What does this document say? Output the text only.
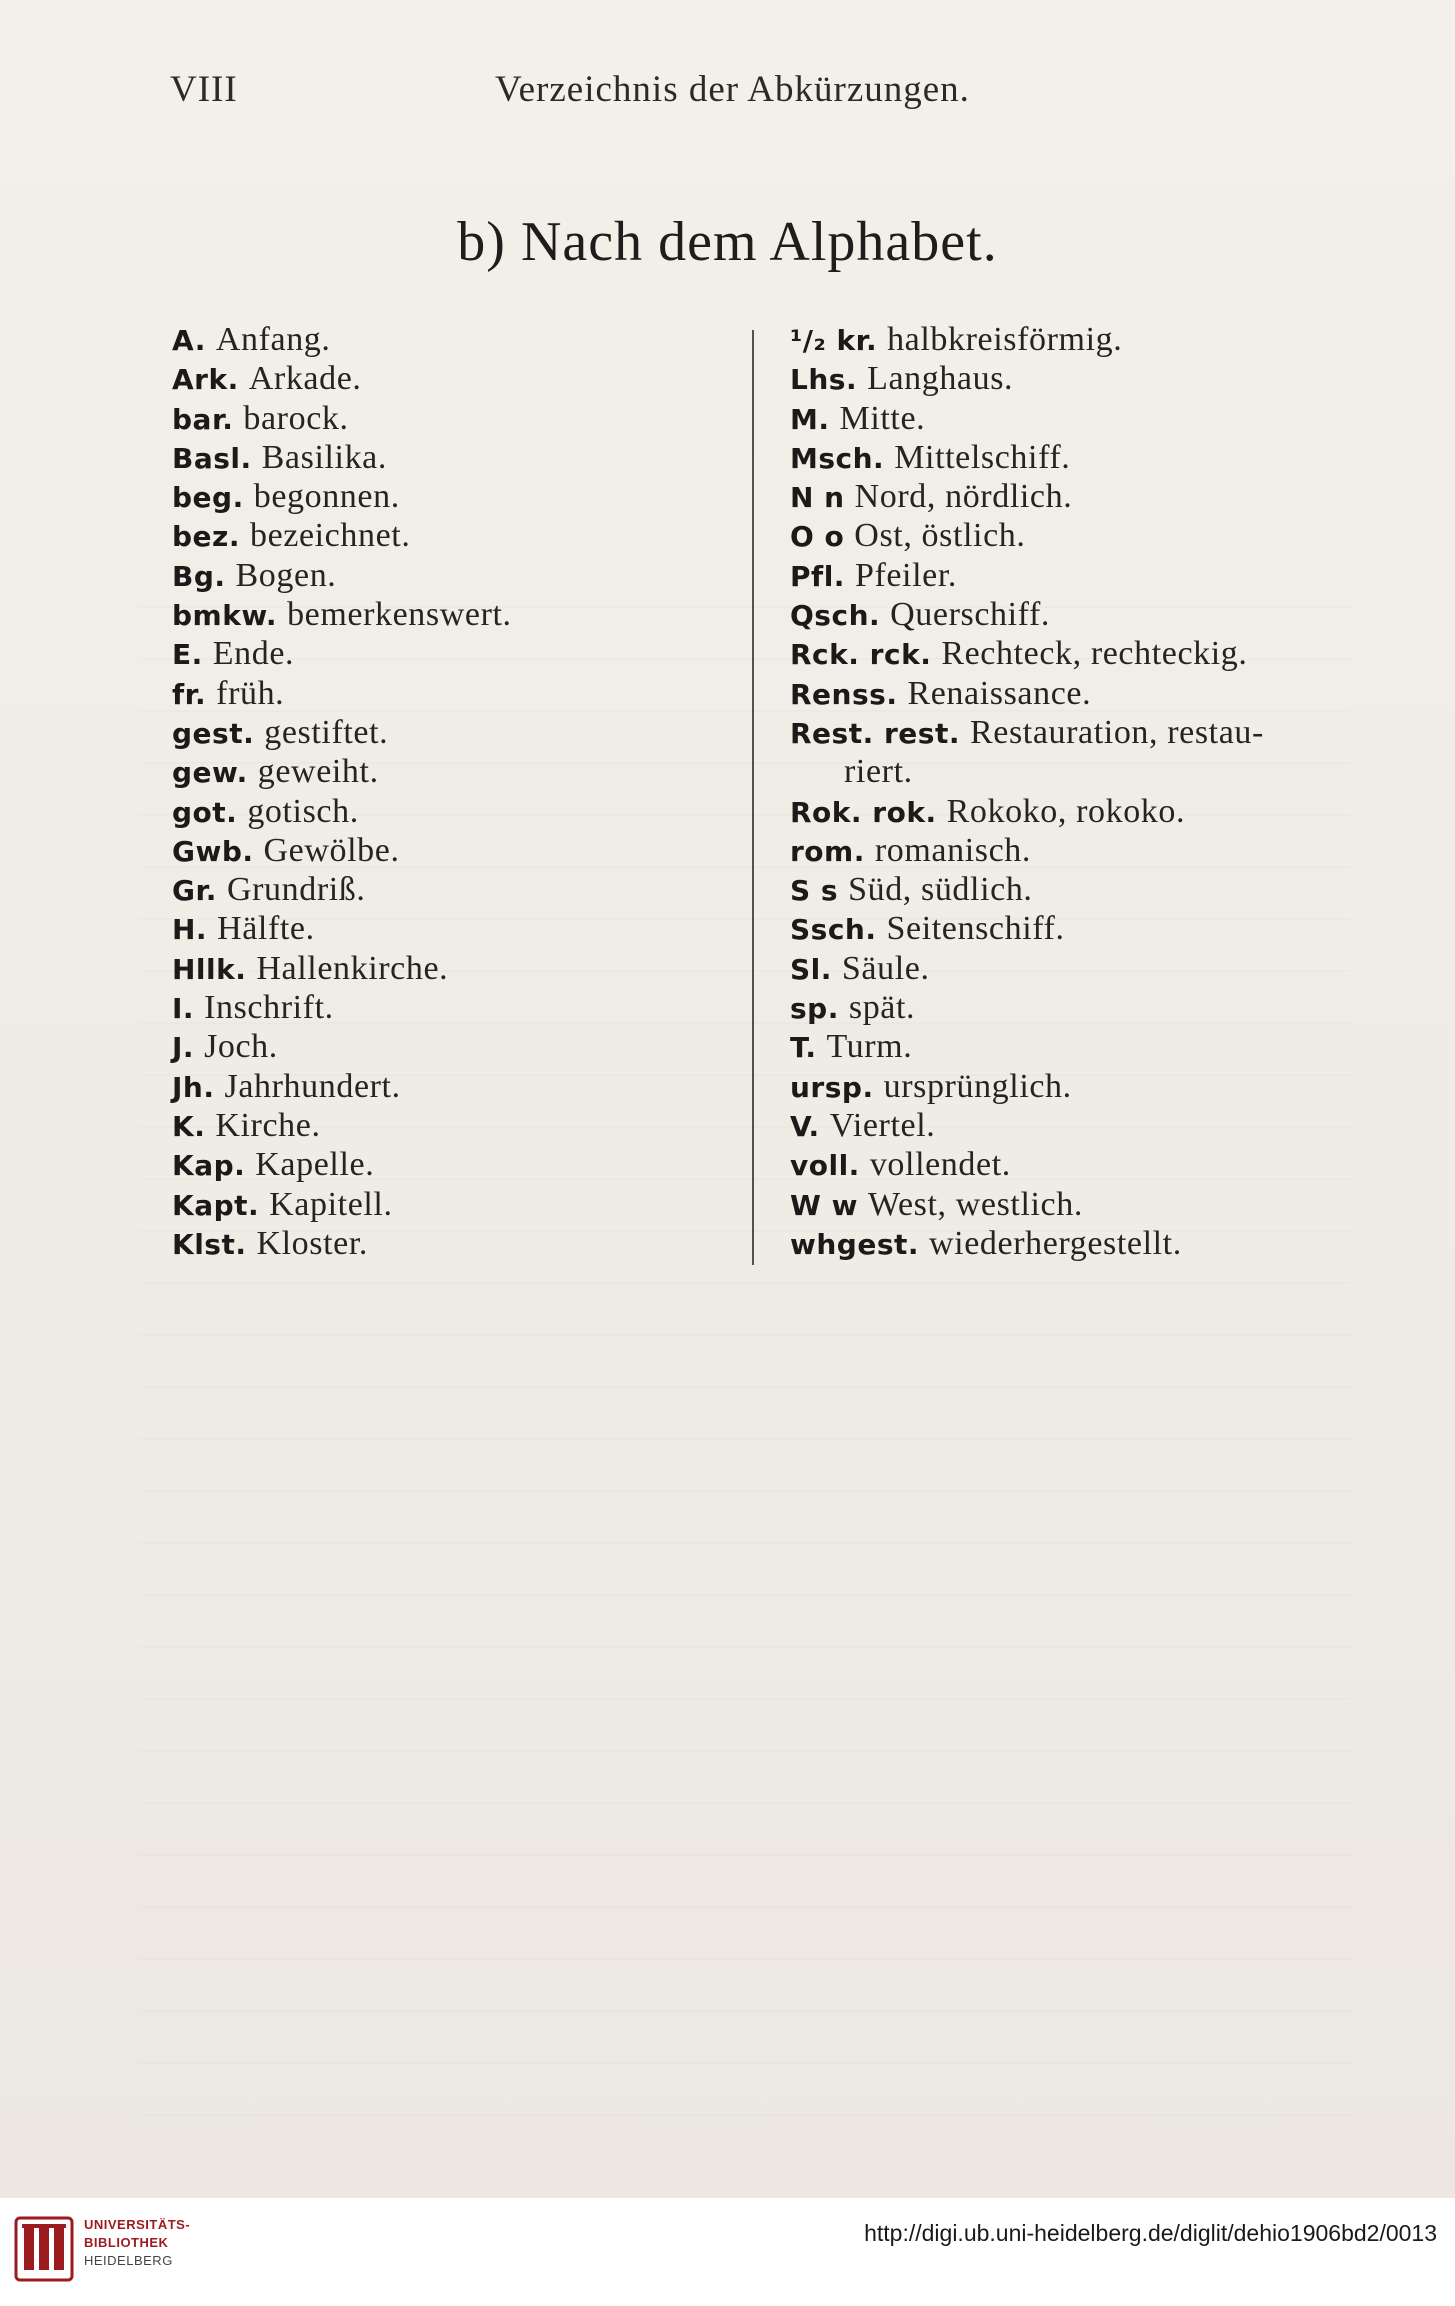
VIII	Verzeichnis der Abkürzungen.
b) Nach dem Alphabet.
A. Anfang.
Ark. Arkade.
bar. barock.
Basl. Basilika.
beg. begonnen.
bez. bezeichnet.
Bg. Bogen.
bmkw. bemerkenswert.
E. Ende.
fr. früh.
gest. gestiftet.
gew. geweiht.
got. gotisch.
Gwb. Gewölbe.
Gr. Grundriß.
H. Hälfte.
Hllk. Hallenkirche.
I. Inschrift.
J. Joch.
Jh. Jahrhundert.
K. Kirche.
Kap. Kapelle.
Kapt. Kapitell.
Klst. Kloster.
¹/₂ kr. halbkreisförmig.
Lhs. Langhaus.
M. Mitte.
Msch. Mittelschiff.
N n Nord, nördlich.
O o Ost, östlich.
Pfl. Pfeiler.
Qsch. Querschiff.
Rck. rck. Rechteck, rechteckig.
Renss. Renaissance.
Rest. rest. Restauration, restau-
riert.
Rok. rok. Rokoko, rokoko.
rom. romanisch.
S s Süd, südlich.
Ssch. Seitenschiff.
Sl. Säule.
sp. spät.
T. Turm.
ursp. ursprünglich.
V. Viertel.
voll. vollendet.
W w West, westlich.
whgest. wiederhergestellt.
UNIVERSITÄTS-
BIBLIOTHEK
HEIDELBERG
http://digi.ub.uni-heidelberg.de/diglit/dehio1906bd2/0013
